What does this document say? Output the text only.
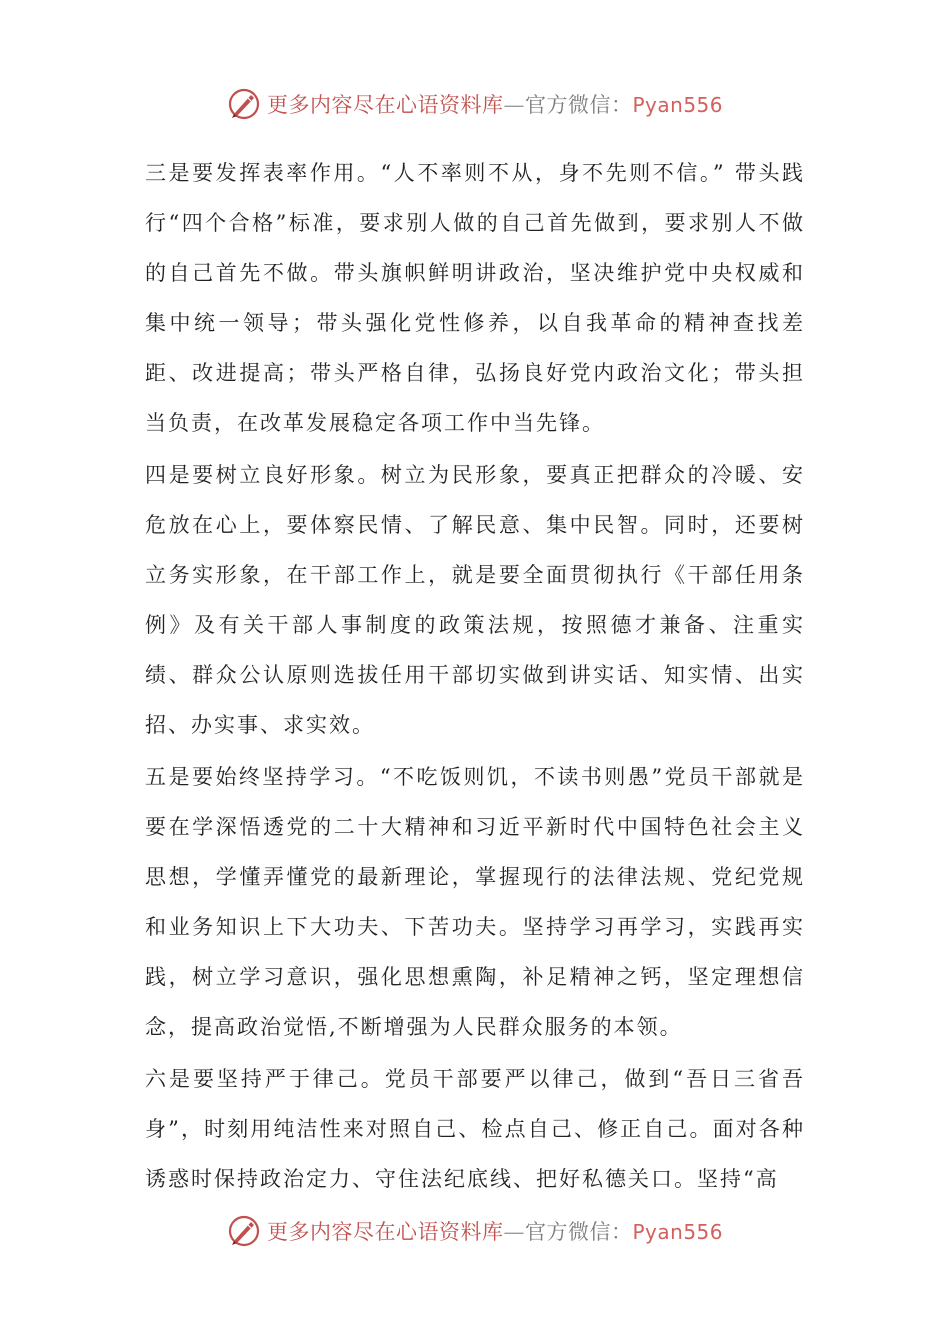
更多内容尽在心语资料库—官方微信：Pyan556

三是要发挥表率作用。“人不率则不从，身不先则不信。” 带头践行“四个合格”标准，要求别人做的自己首先做到，要求别人不做的自己首先不做。带头旗帜鲜明讲政治，坚决维护党中央权威和集中统一领导；带头强化党性修养，以自我革命的精神查找差距、改进提高；带头严格自律，弘扬良好党内政治文化；带头担当负责，在改革发展稳定各项工作中当先锋。

四是要树立良好形象。树立为民形象，要真正把群众的冷暖、安危放在心上，要体察民情、了解民意、集中民智。同时，还要树立务实形象，在干部工作上，就是要全面贯彻执行《干部任用条例》及有关干部人事制度的政策法规，按照德才兼备、注重实绩、群众公认原则选拔任用干部切实做到讲实话、知实情、出实招、办实事、求实效。

五是要始终坚持学习。“不吃饭则饥，不读书则愚”党员干部就是要在学深悟透党的二十大精神和习近平新时代中国特色社会主义思想，学懂弄懂党的最新理论，掌握现行的法律法规、党纪党规和业务知识上下大功夫、下苦功夫。坚持学习再学习，实践再实践，树立学习意识，强化思想熏陶，补足精神之钙，坚定理想信念，提高政治觉悟,不断增强为人民群众服务的本领。

六是要坚持严于律己。党员干部要严以律己，做到“吾日三省吾身”，时刻用纯洁性来对照自己、检点自己、修正自己。面对各种诱惑时保持政治定力、守住法纪底线、把好私德关口。坚持“高

更多内容尽在心语资料库—官方微信：Pyan556
